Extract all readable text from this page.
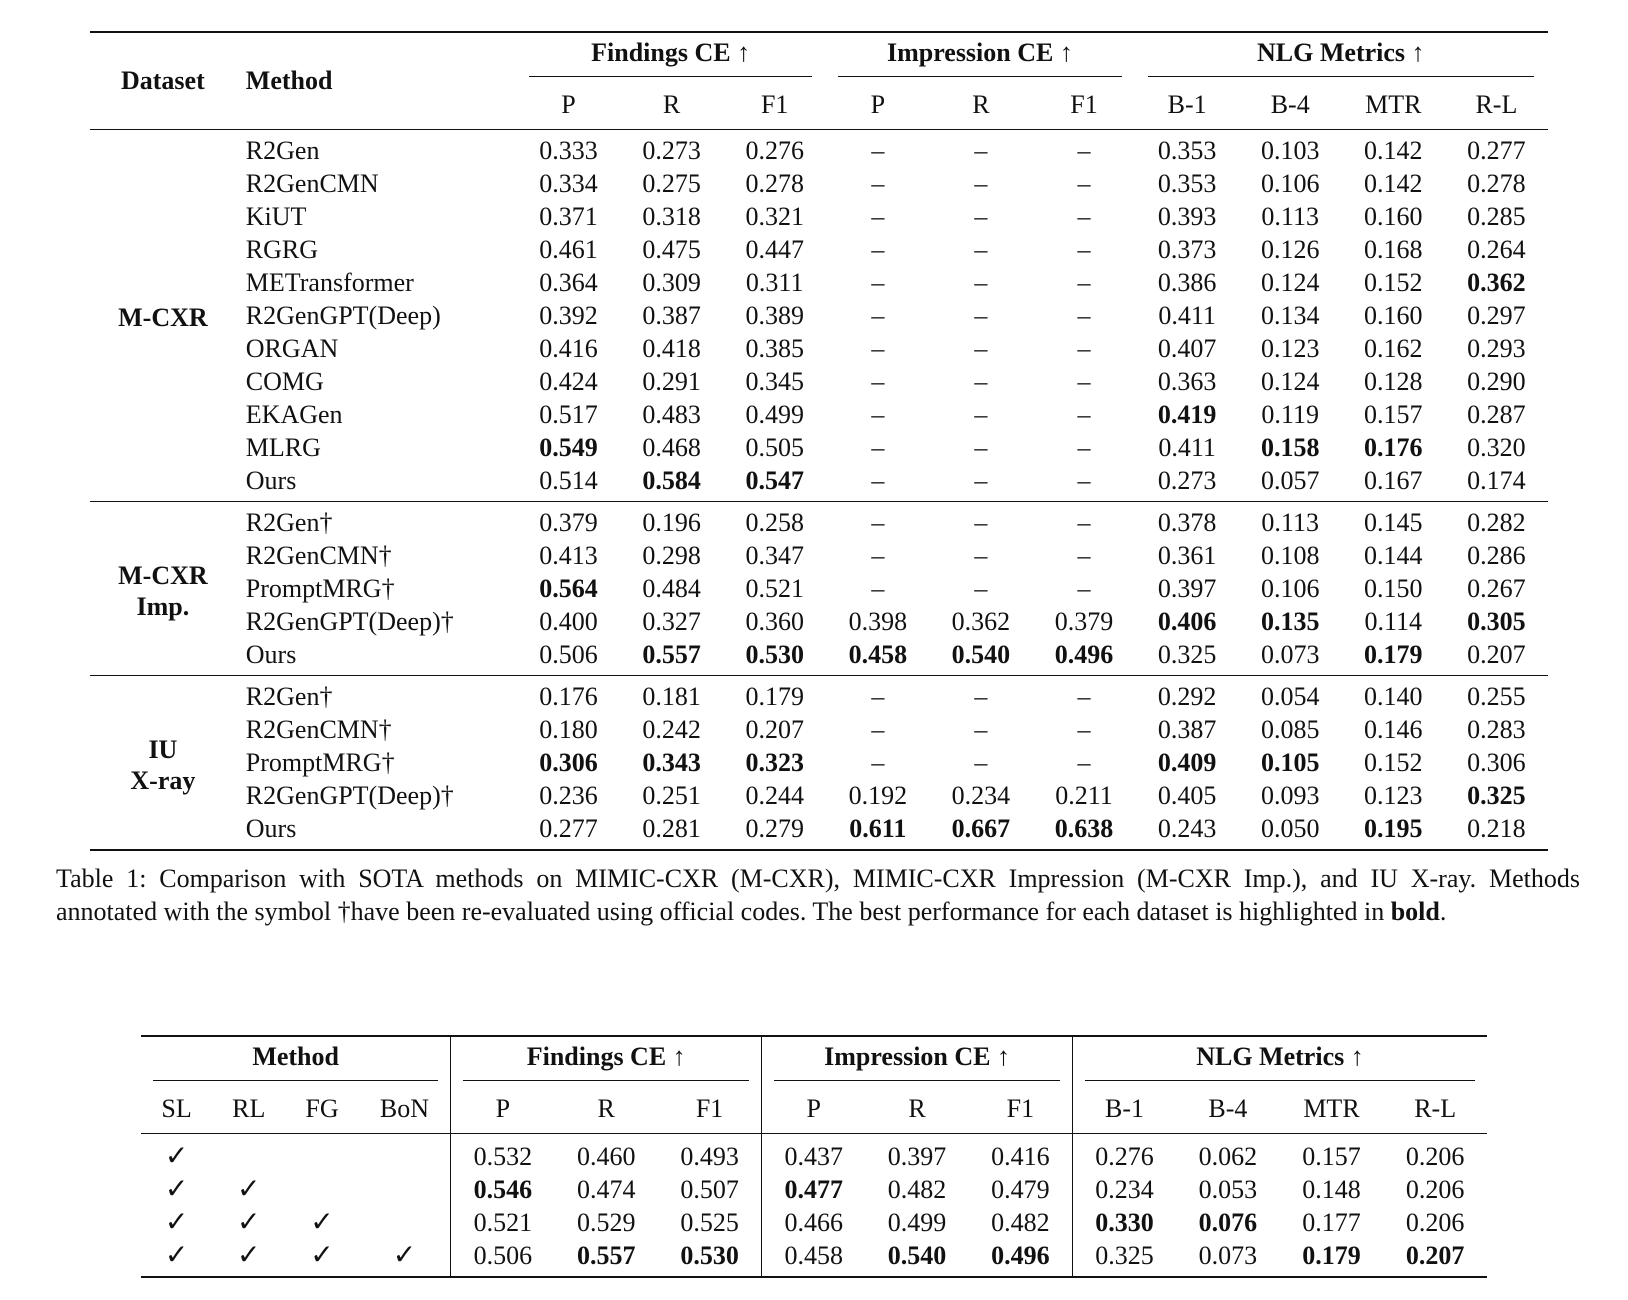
Dataset	Method	Findings CE ↑			Impression CE ↑			NLG Metrics ↑			

		P	R	F1	P	R	F1	B-1	B-4	MTR	R-L
M-CXR	R2Gen	0.333	0.273	0.276	–	–	–	0.353	0.103	0.142	0.277
	R2GenCMN	0.334	0.275	0.278	–	–	–	0.353	0.106	0.142	0.278
	KiUT	0.371	0.318	0.321	–	–	–	0.393	0.113	0.160	0.285
	RGRG	0.461	0.475	0.447	–	–	–	0.373	0.126	0.168	0.264
	METransformer	0.364	0.309	0.311	–	–	–	0.386	0.124	0.152	0.362
	R2GenGPT(Deep)	0.392	0.387	0.389	–	–	–	0.411	0.134	0.160	0.297
	ORGAN	0.416	0.418	0.385	–	–	–	0.407	0.123	0.162	0.293
	COMG	0.424	0.291	0.345	–	–	–	0.363	0.124	0.128	0.290
	EKAGen	0.517	0.483	0.499	–	–	–	0.419	0.119	0.157	0.287
	MLRG	0.549	0.468	0.505	–	–	–	0.411	0.158	0.176	0.320
	Ours	0.514	0.584	0.547	–	–	–	0.273	0.057	0.167	0.174

M-CXR
Imp.	R2Gen†	0.379	0.196	0.258	–	–	–	0.378	0.113	0.145	0.282
	R2GenCMN†	0.413	0.298	0.347	–	–	–	0.361	0.108	0.144	0.286
	PromptMRG†	0.564	0.484	0.521	–	–	–	0.397	0.106	0.150	0.267
	R2GenGPT(Deep)†	0.400	0.327	0.360	0.398	0.362	0.379	0.406	0.135	0.114	0.305
	Ours	0.506	0.557	0.530	0.458	0.540	0.496	0.325	0.073	0.179	0.207

IU
X-ray	R2Gen†	0.176	0.181	0.179	–	–	–	0.292	0.054	0.140	0.255
	R2GenCMN†	0.180	0.242	0.207	–	–	–	0.387	0.085	0.146	0.283
	PromptMRG†	0.306	0.343	0.323	–	–	–	0.409	0.105	0.152	0.306
	R2GenGPT(Deep)†	0.236	0.251	0.244	0.192	0.234	0.211	0.405	0.093	0.123	0.325
	Ours	0.277	0.281	0.279	0.611	0.667	0.638	0.243	0.050	0.195	0.218
Table 1: Comparison with SOTA methods on MIMIC-CXR (M-CXR), MIMIC-CXR Impression (M-CXR Imp.), and IU X-ray. Methods annotated with the symbol †have been re-evaluated using official codes. The best performance for each dataset is highlighted in bold.
Method				Findings CE ↑			Impression CE ↑			NLG Metrics ↑			

SL	RL	FG	BoN	P	R	F1	P	R	F1	B-1	B-4	MTR	R-L
✓				0.532	0.460	0.493	0.437	0.397	0.416	0.276	0.062	0.157	0.206
✓	✓			0.546	0.474	0.507	0.477	0.482	0.479	0.234	0.053	0.148	0.206
✓	✓	✓		0.521	0.529	0.525	0.466	0.499	0.482	0.330	0.076	0.177	0.206
✓	✓	✓	✓	0.506	0.557	0.530	0.458	0.540	0.496	0.325	0.073	0.179	0.207
